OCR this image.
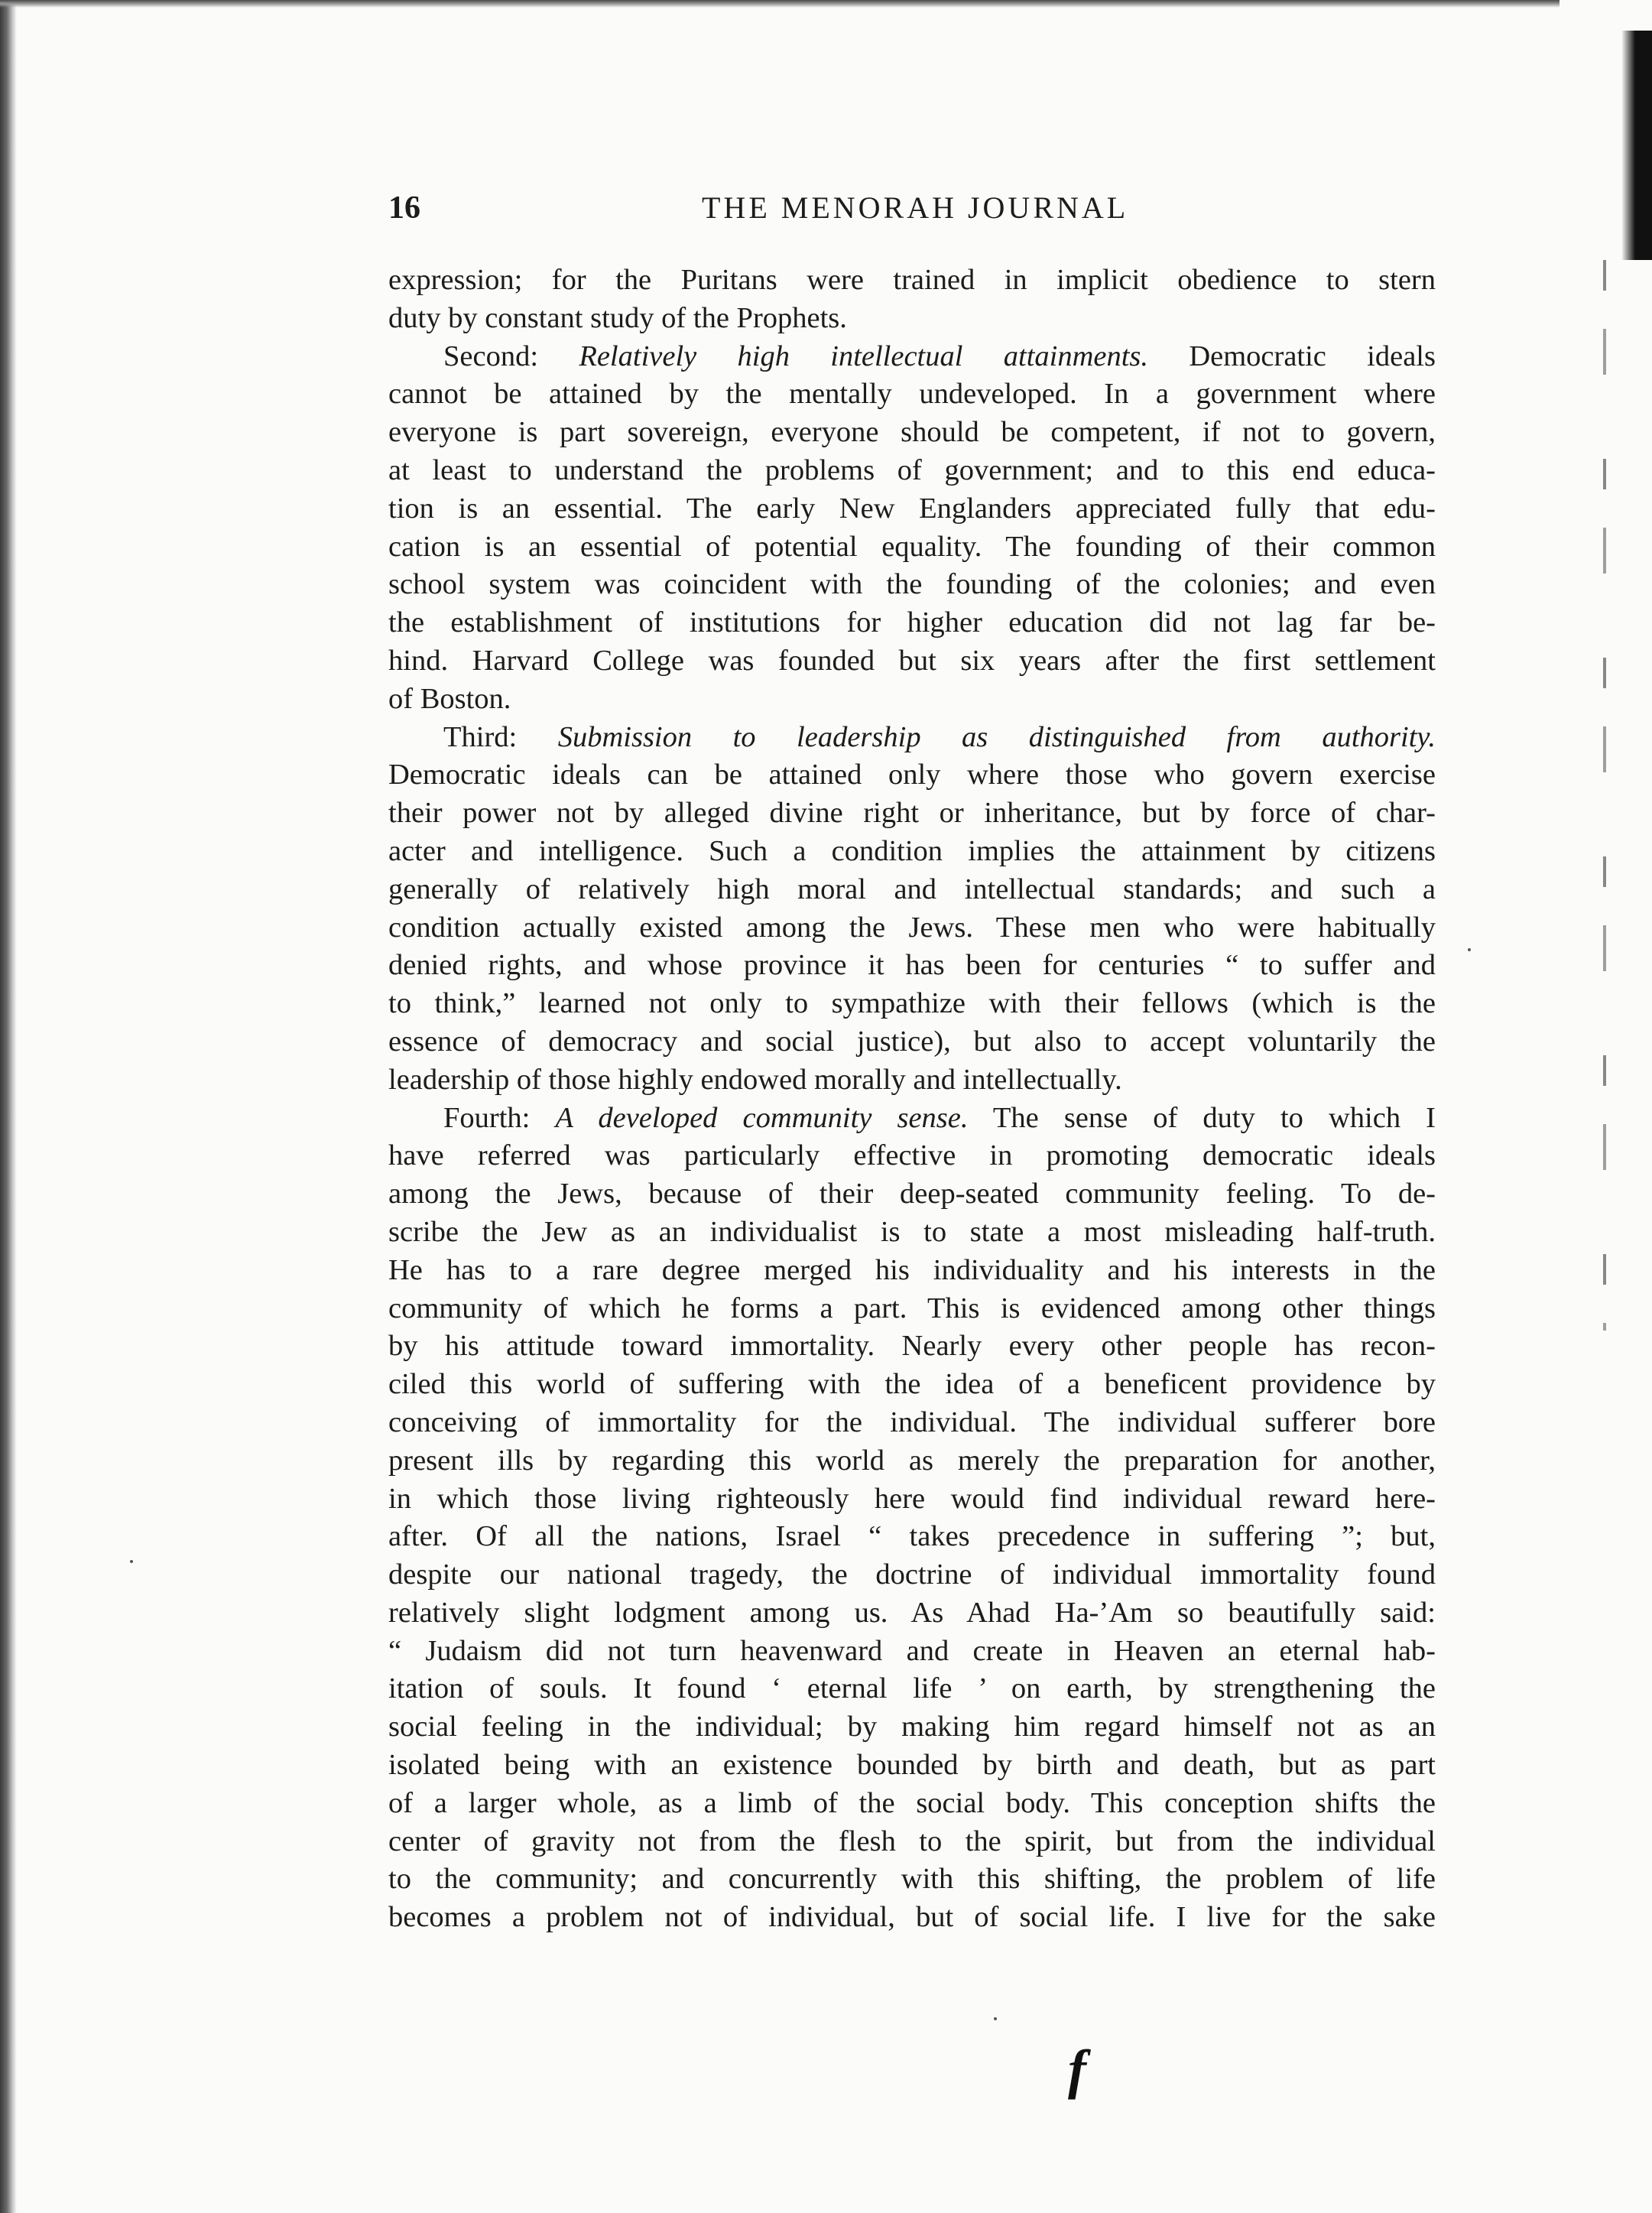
16	THE MENORAH JOURNAL
expression; for the Puritans were trained in implicit obedience to stern
duty by constant study of the Prophets.
Second: Relatively high intellectual attainments. Democratic ideals
cannot be attained by the mentally undeveloped. In a government where
everyone is part sovereign, everyone should be competent, if not to govern,
at least to understand the problems of government; and to this end educa-
tion is an essential. The early New Englanders appreciated fully that edu-
cation is an essential of potential equality. The founding of their common
school system was coincident with the founding of the colonies; and even
the establishment of institutions for higher education did not lag far be-
hind. Harvard College was founded but six years after the first settlement
of Boston.
Third: Submission to leadership as distinguished from authority.
Democratic ideals can be attained only where those who govern exercise
their power not by alleged divine right or inheritance, but by force of char-
acter and intelligence. Such a condition implies the attainment by citizens
generally of relatively high moral and intellectual standards; and such a
condition actually existed among the Jews. These men who were habitually
denied rights, and whose province it has been for centuries “ to suffer and
to think,” learned not only to sympathize with their fellows (which is the
essence of democracy and social justice), but also to accept voluntarily the
leadership of those highly endowed morally and intellectually.
Fourth: A developed community sense. The sense of duty to which I
have referred was particularly effective in promoting democratic ideals
among the Jews, because of their deep-seated community feeling. To de-
scribe the Jew as an individualist is to state a most misleading half-truth.
He has to a rare degree merged his individuality and his interests in the
community of which he forms a part. This is evidenced among other things
by his attitude toward immortality. Nearly every other people has recon-
ciled this world of suffering with the idea of a beneficent providence by
conceiving of immortality for the individual. The individual sufferer bore
present ills by regarding this world as merely the preparation for another,
in which those living righteously here would find individual reward here-
after. Of all the nations, Israel “ takes precedence in suffering ”; but,
despite our national tragedy, the doctrine of individual immortality found
relatively slight lodgment among us. As Ahad Ha-’Am so beautifully said:
“ Judaism did not turn heavenward and create in Heaven an eternal hab-
itation of souls. It found ‘ eternal life ’ on earth, by strengthening the
social feeling in the individual; by making him regard himself not as an
isolated being with an existence bounded by birth and death, but as part
of a larger whole, as a limb of the social body. This conception shifts the
center of gravity not from the flesh to the spirit, but from the individual
to the community; and concurrently with this shifting, the problem of life
becomes a problem not of individual, but of social life. I live for the sake
f
